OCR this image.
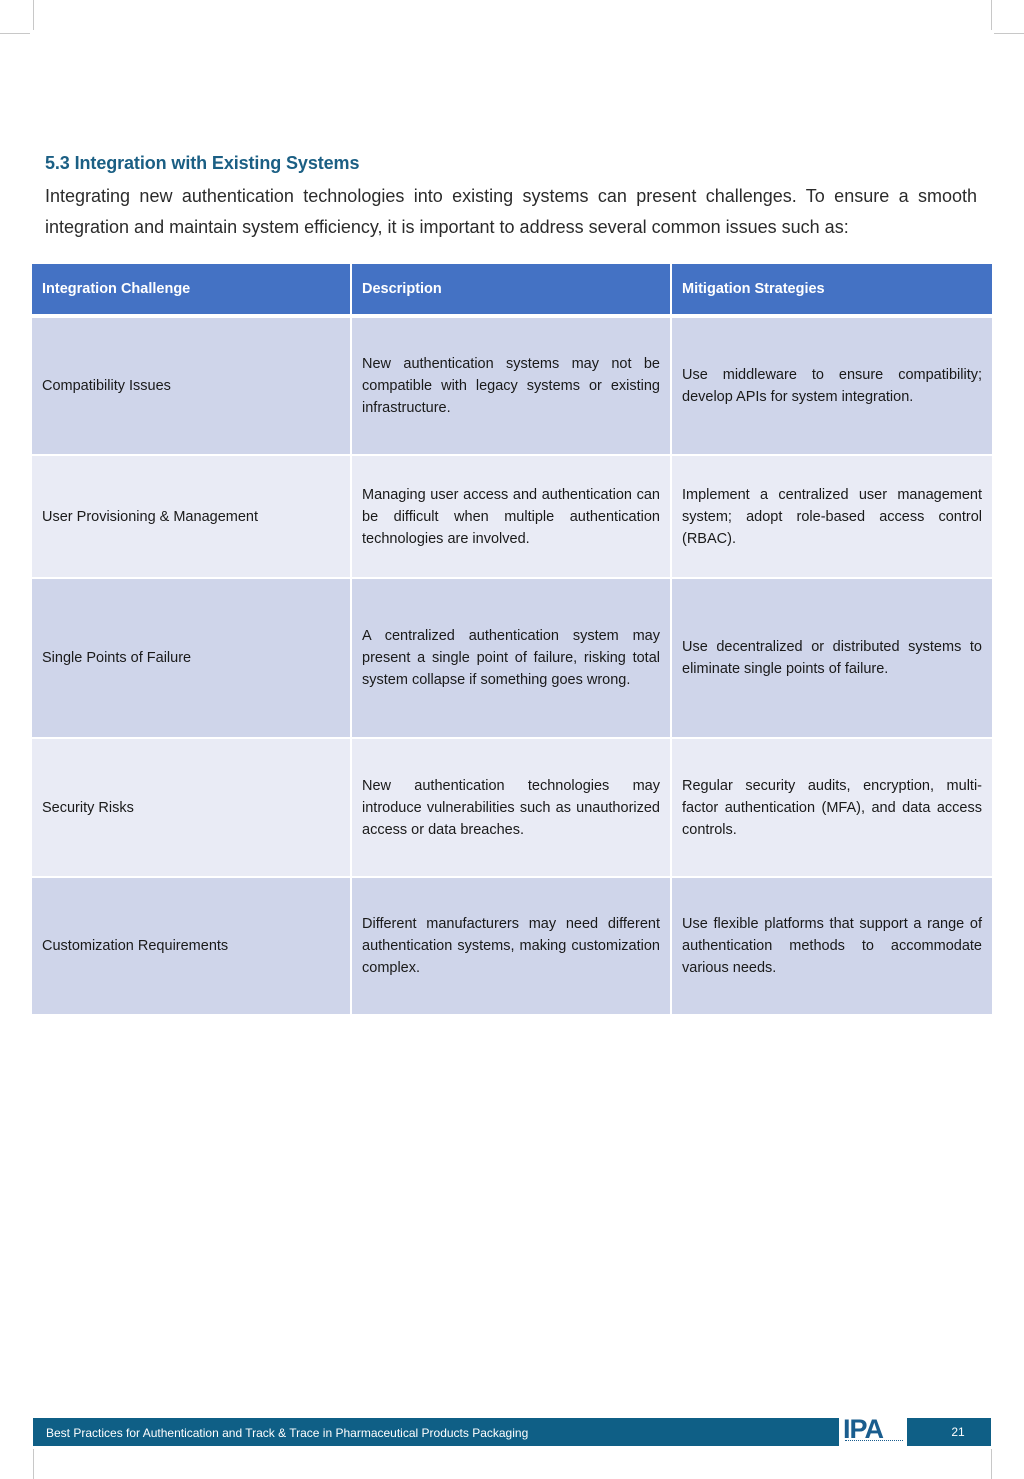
5.3 Integration with Existing Systems

Integrating new authentication technologies into existing systems can present challenges. To ensure a smooth integration and maintain system efficiency, it is important to address several common issues such as:

Integration Challenge	Description	Mitigation Strategies
Compatibility Issues	New authentication systems may not be compatible with legacy systems or existing infrastructure.	Use middleware to ensure compatibility; develop APIs for system integration.
User Provisioning & Management	Managing user access and authentication can be difficult when multiple authentication technologies are involved.	Implement a centralized user management system; adopt role-based access control (RBAC).
Single Points of Failure	A centralized authentication system may present a single point of failure, risking total system collapse if something goes wrong.	Use decentralized or distributed systems to eliminate single points of failure.
Security Risks	New authentication technologies may introduce vulnerabilities such as unauthorized access or data breaches.	Regular security audits, encryption, multi-factor authentication (MFA), and data access controls.
Customization Requirements	Different manufacturers may need different authentication systems, making customization complex.	Use flexible platforms that support a range of authentication methods to accommodate various needs.
Best Practices for Authentication and Track & Trace in Pharmaceutical Products Packaging	IPA	21
